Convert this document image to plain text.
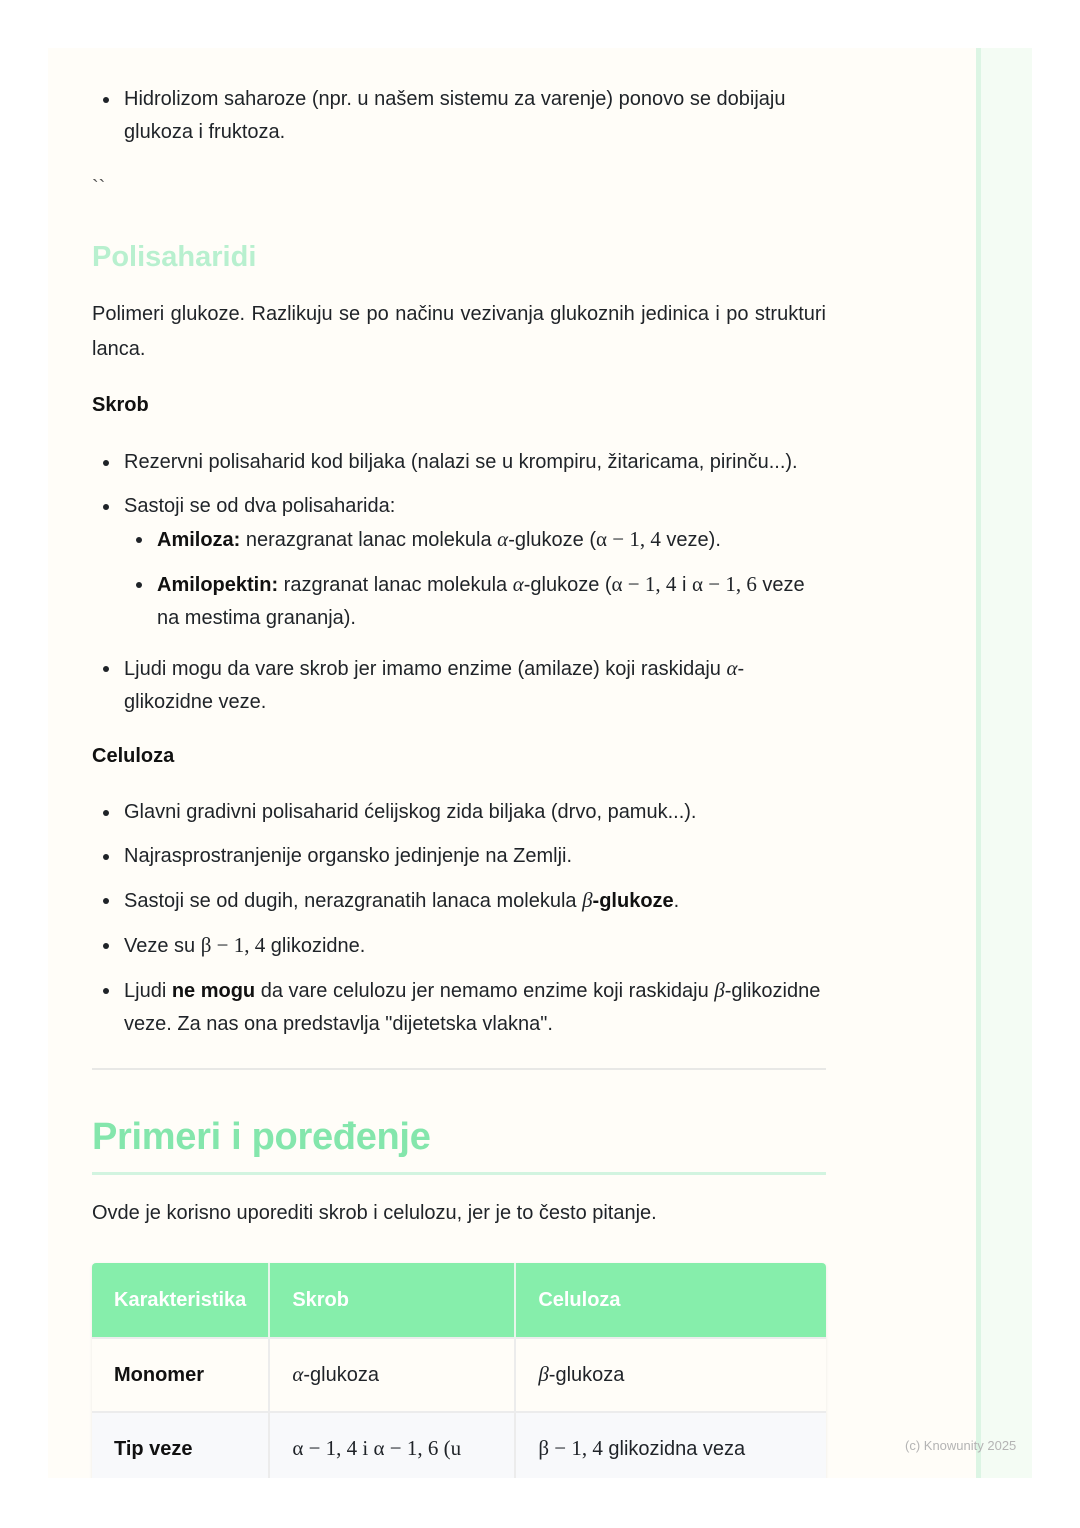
Hidrolizom saharoze (npr. u našem sistemu za varenje) ponovo se dobijaju glukoza i fruktoza.
``
Polisaharidi
Polimeri glukoze. Razlikuju se po načinu vezivanja glukoznih jedinica i po strukturi lanca.
Skrob
Rezervni polisaharid kod biljaka (nalazi se u krompiru, žitaricama, pirinču...).
Sastoji se od dva polisaharida:
Amiloza: nerazgranat lanac molekula α-glukoze (α − 1, 4 veze).
Amilopektin: razgranat lanac molekula α-glukoze (α − 1, 4 i α − 1, 6 veze na mestima grananja).
Ljudi mogu da vare skrob jer imamo enzime (amilaze) koji raskidaju α-glikozidne veze.
Celuloza
Glavni gradivni polisaharid ćelijskog zida biljaka (drvo, pamuk...).
Najrasprostranjenije organsko jedinjenje na Zemlji.
Sastoji se od dugih, nerazgranatih lanaca molekula β-glukoze.
Veze su β − 1, 4 glikozidne.
Ljudi ne mogu da vare celulozu jer nemamo enzime koji raskidaju β-glikozidne veze. Za nas ona predstavlja "dijetetska vlakna".
Primeri i poređenje
Ovde je korisno uporediti skrob i celulozu, jer je to često pitanje.
Karakteristika	Skrob	Celuloza
Monomer	α-glukoza	β-glukoza
Tip veze	α − 1, 4 i α − 1, 6 (u	β − 1, 4 glikozidna veza	(c) Knowunity 2025
